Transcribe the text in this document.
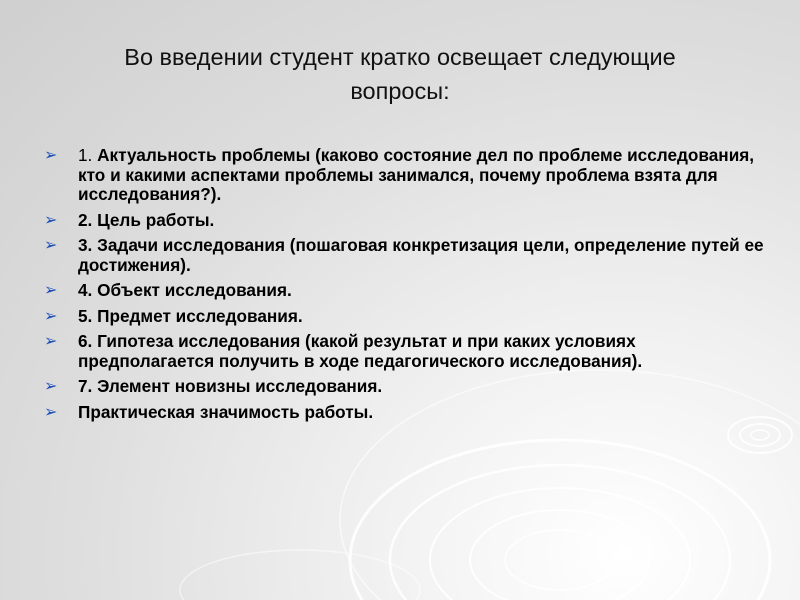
Во введении студент кратко освещает следующие
вопросы:
➢ 1. Актуальность проблемы (каково состояние дел по проблеме исследования, кто и какими аспектами проблемы занимался, почему проблема взята для исследования?).
➢ 2. Цель работы.
➢ 3. Задачи исследования (пошаговая конкретизация цели, определение путей ее достижения).
➢ 4. Объект исследования.
➢ 5. Предмет исследования.
➢ 6. Гипотеза исследования (какой результат и при каких условиях предполагается получить в ходе педагогического исследования).
➢ 7. Элемент новизны исследования.
➢ Практическая значимость работы.
